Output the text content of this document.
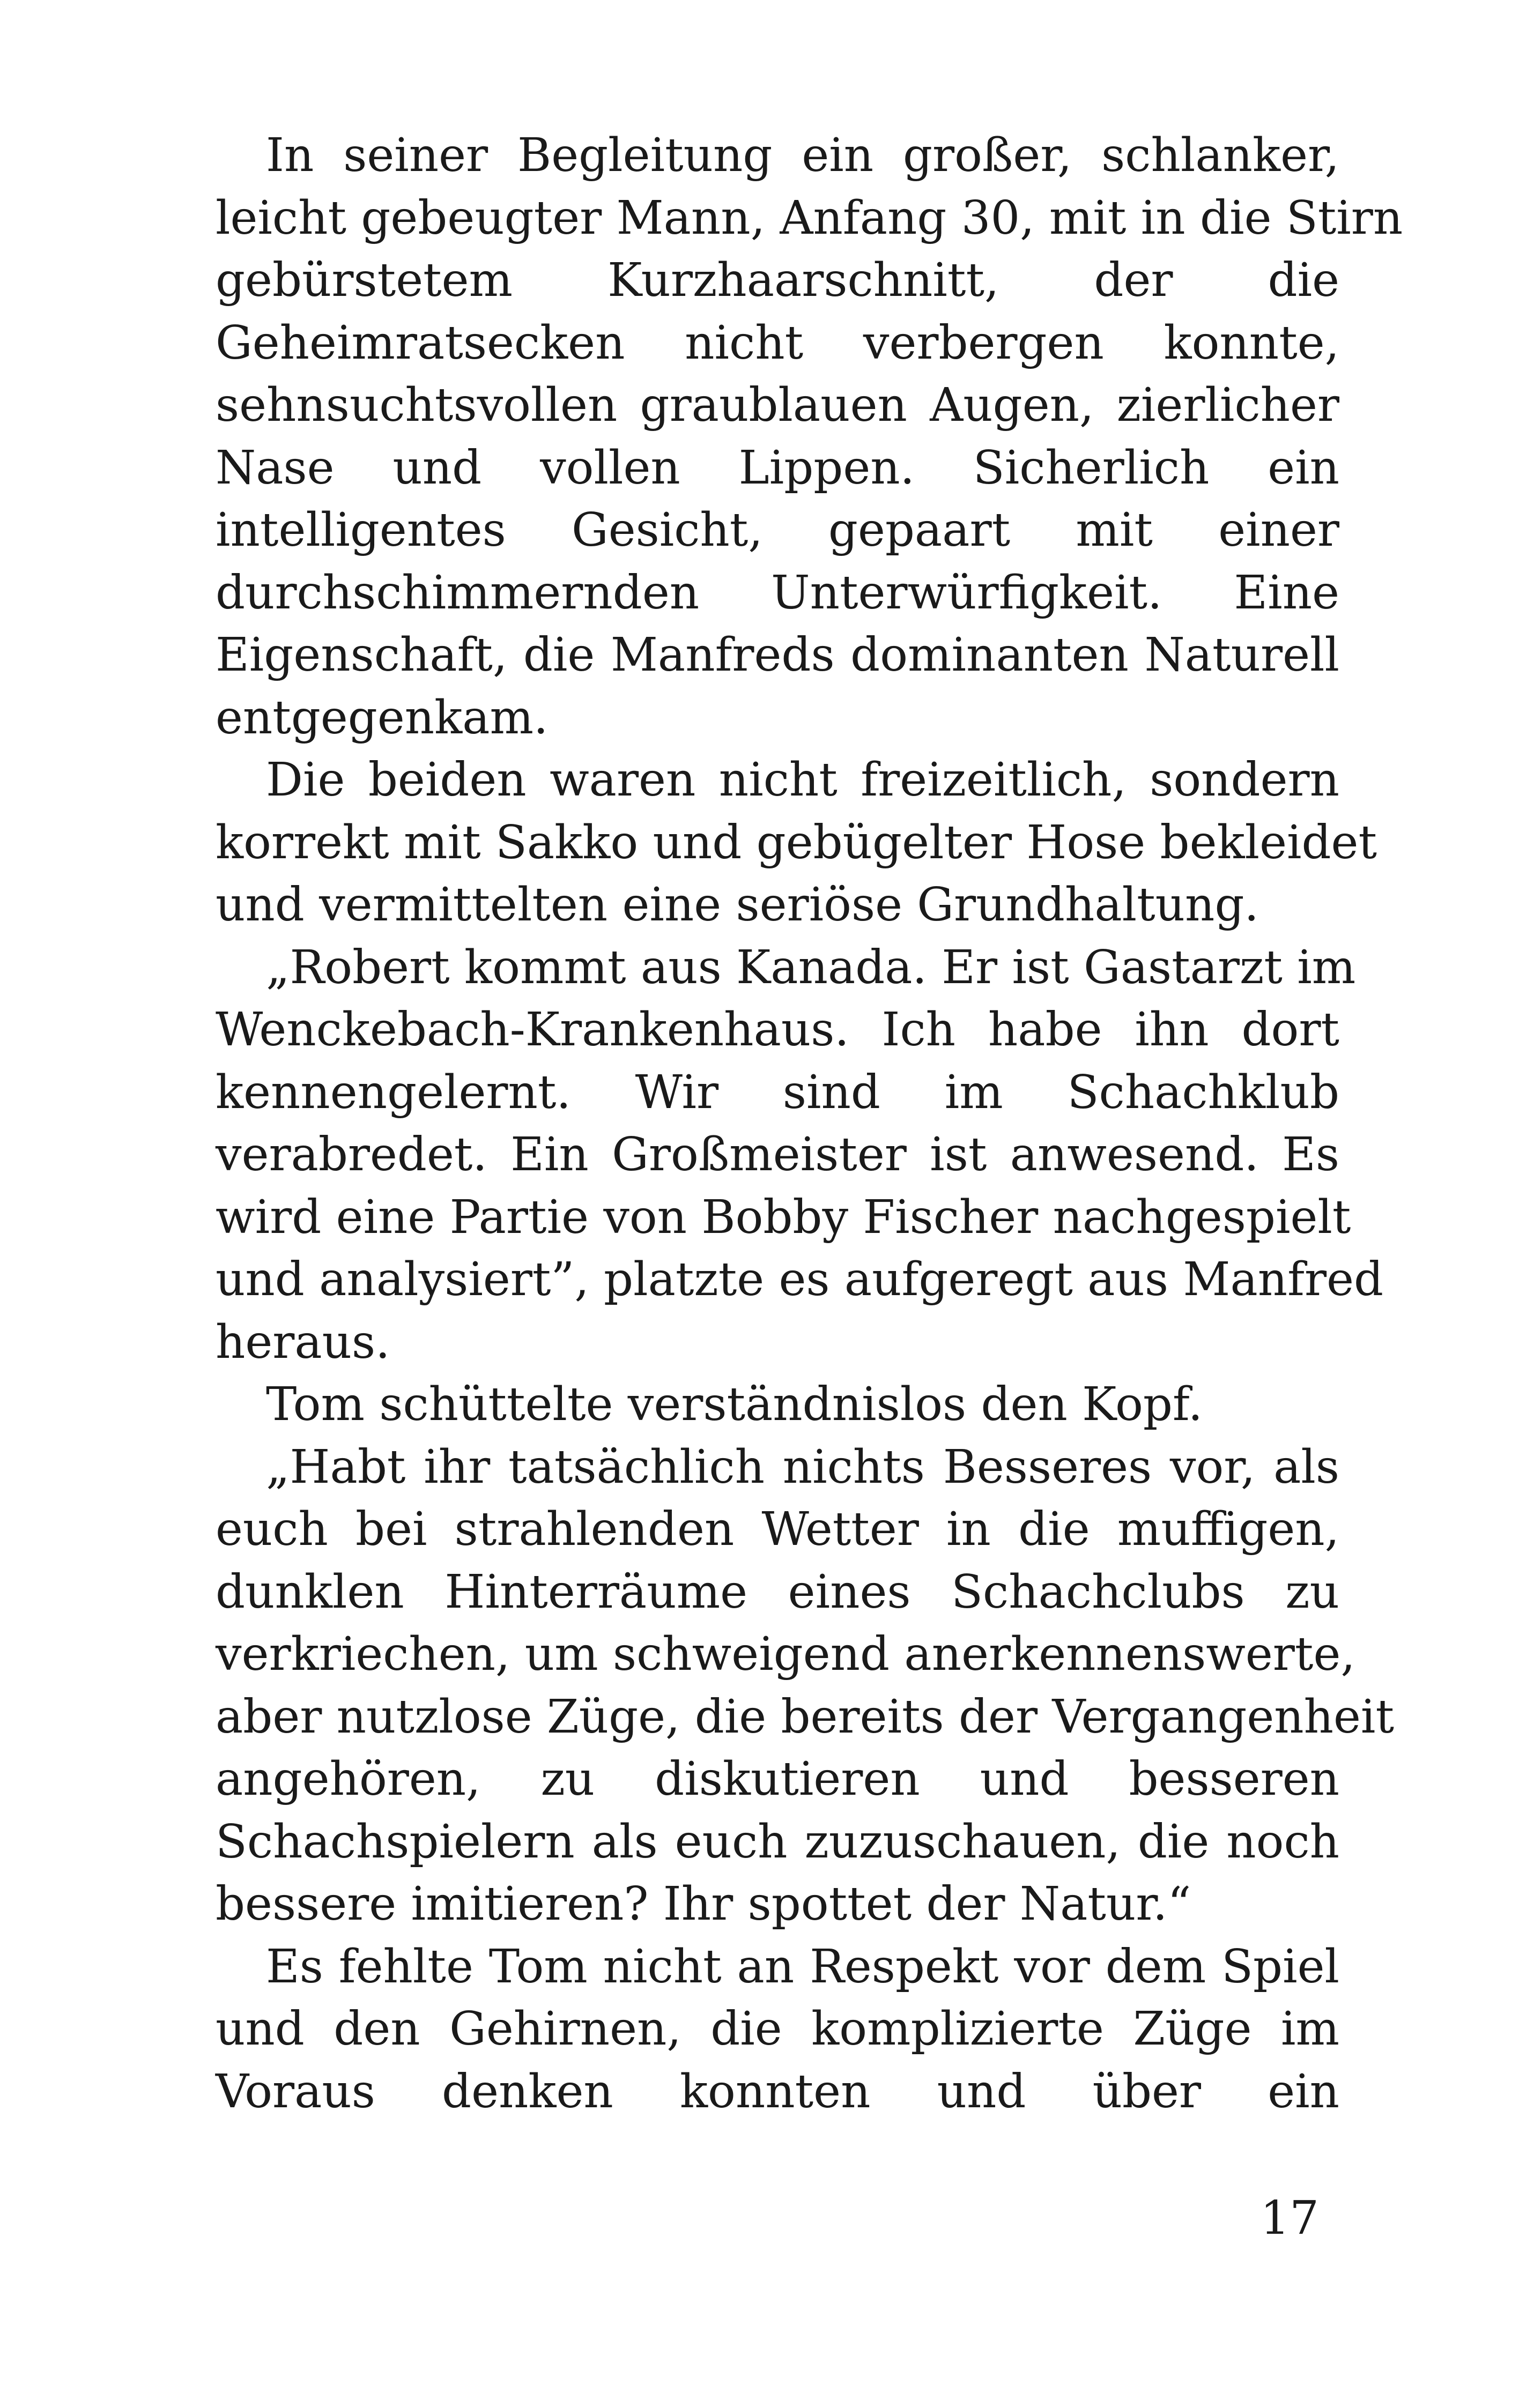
In seiner Begleitung ein großer, schlanker,
leicht gebeugter Mann, Anfang 30, mit in die Stirn
gebürstetem Kurzhaarschnitt, der die
Geheimratsecken nicht verbergen konnte,
sehnsuchtsvollen graublauen Augen, zierlicher
Nase und vollen Lippen. Sicherlich ein
intelligentes Gesicht, gepaart mit einer
durchschimmernden Unterwürfigkeit. Eine
Eigenschaft, die Manfreds dominanten Naturell
entgegenkam.
Die beiden waren nicht freizeitlich, sondern
korrekt mit Sakko und gebügelter Hose bekleidet
und vermittelten eine seriöse Grundhaltung.
„Robert kommt aus Kanada. Er ist Gastarzt im
Wenckebach-Krankenhaus. Ich habe ihn dort
kennengelernt. Wir sind im Schachklub
verabredet. Ein Großmeister ist anwesend. Es
wird eine Partie von Bobby Fischer nachgespielt
und analysiert”, platzte es aufgeregt aus Manfred
heraus.
Tom schüttelte verständnislos den Kopf.
„Habt ihr tatsächlich nichts Besseres vor, als
euch bei strahlenden Wetter in die muffigen,
dunklen Hinterräume eines Schachclubs zu
verkriechen, um schweigend anerkennenswerte,
aber nutzlose Züge, die bereits der Vergangenheit
angehören, zu diskutieren und besseren
Schachspielern als euch zuzuschauen, die noch
bessere imitieren? Ihr spottet der Natur.“
Es fehlte Tom nicht an Respekt vor dem Spiel
und den Gehirnen, die komplizierte Züge im
Voraus denken konnten und über ein
17
